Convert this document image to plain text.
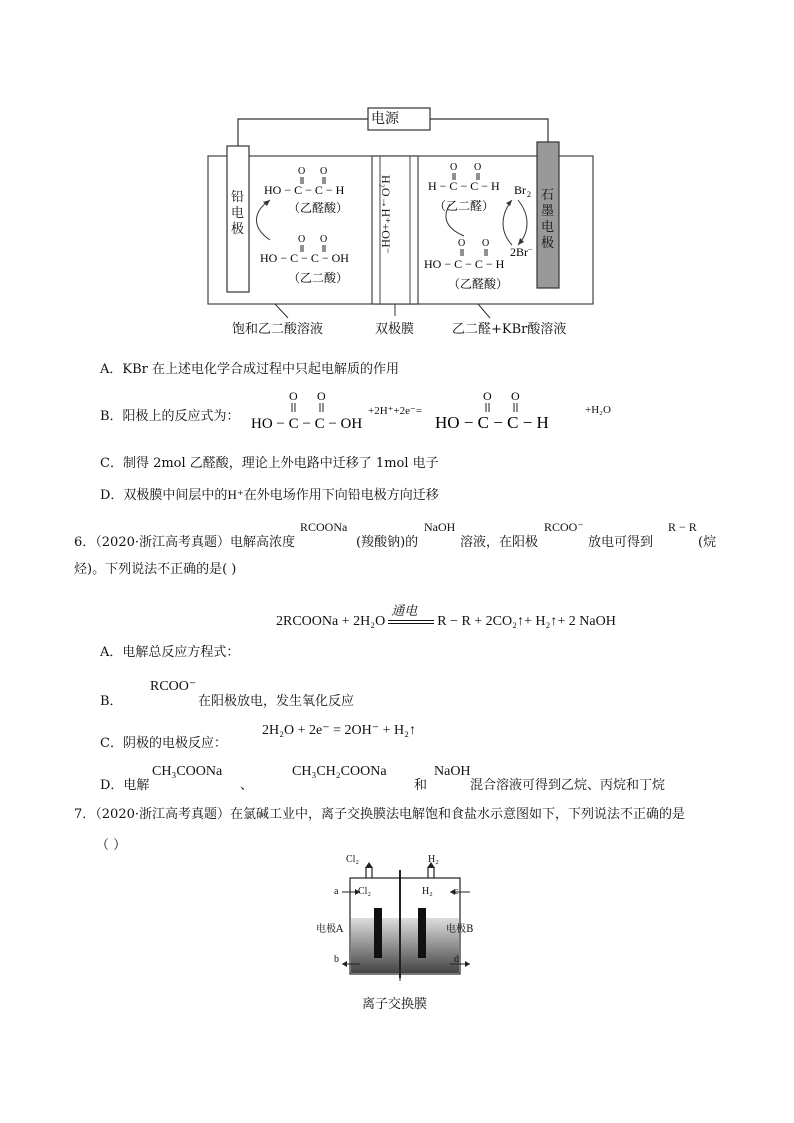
O O
HO − C − C − H
（乙醛酸）
O O
HO − C − C − OH
（乙二酸）
O O
H − C − C − H Br 2
（乙二醛）
2Br−
O O
HO − C − C − H
（乙醛酸）
电源
铅电极
石墨电极
H₂O→H⁺+OH⁻
饱和乙二酸溶液	双极膜	乙二醛+KBr酸溶液
A．KBr 在上述电化学合成过程中只起电解质的作用
B．阳极上的反应式为：
O O
HO − C − C − OH
O O
HO − C − C − H
+2H⁺+2e⁻=	+H₂O
C．制得 2mol 乙醛酸，理论上外电路中迁移了 1mol 电子
D．双极膜中间层中的H⁺在外电场作用下向铅电极方向迁移
6．（2020·浙江高考真题）电解高浓度
RCOONa
(羧酸钠)的
NaOH
溶液，在阳极
RCOO⁻
放电可得到
R − R
(烷
烃)。下列说法不正确的是( )
2RCOONa + 2H₂O
通电
R − R + 2CO₂↑+ H₂↑+ 2 NaOH
A．电解总反应方程式：
B．
RCOO⁻
在阳极放电，发生氧化反应
C．阴极的电极反应：
2H₂O + 2e⁻ = 2OH⁻ + H₂↑
D．电解
CH₃COONa
、
CH₃CH₂COONa
和
NaOH
混合溶液可得到乙烷、丙烷和丁烷
7．（2020·浙江高考真题）在氯碱工业中，离子交换膜法电解饱和食盐水示意图如下，下列说法不正确的是
（ ）
Cl₂	H₂
Cl₂	H₂
a
b
c
d
电极A	电极B
离子交换膜
